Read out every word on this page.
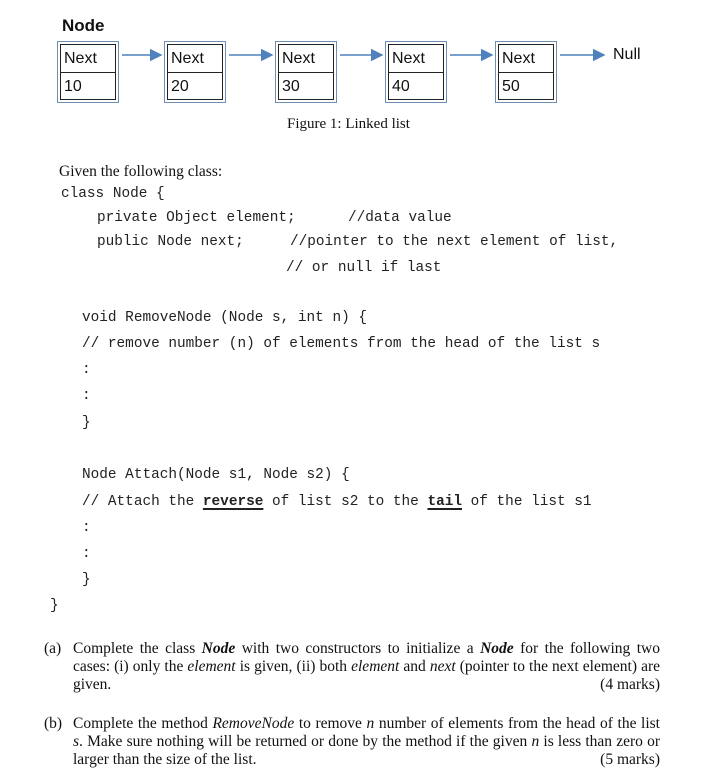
Node
Next
10
Next
20
Next
30
Next
40
Next
50
Null
Figure 1: Linked list
Given the following class:
class Node {
private Object element;	//data value
public Node next;	//pointer to the next element of list,
// or null if last
void RemoveNode (Node s, int n) {
// remove number (n) of elements from the head of the list s
:
:
}
Node Attach(Node s1, Node s2) {
// Attach the reverse of list s2 to the tail of the list s1
:
:
}
}
(a) Complete the class Node with two constructors to initialize a Node for the following two cases: (i) only the element is given, (ii) both element and next (pointer to the next element) are given.	(4 marks)
(b) Complete the method RemoveNode to remove n number of elements from the head of the list s. Make sure nothing will be returned or done by the method if the given n is less than zero or larger than the size of the list.	(5 marks)
